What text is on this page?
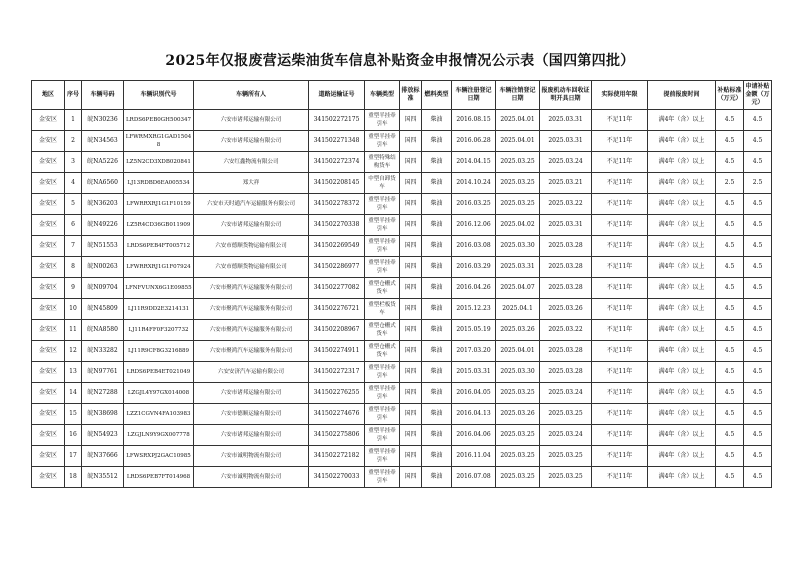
2025年仅报废营运柴油货车信息补贴资金申报情况公示表（国四第四批）
地区	序号	车辆号码	车辆识别代号	车辆所有人	道路运输证号	车辆类型	排放标准	燃料类型	车辆注册登记日期	车辆注销登记日期	报废机动车回收证明开具日期	实际使用年限	提前报废时间	补贴标准（万元）	申请补贴金额（万元）
金安区	1	皖N30236	LRDS6PEB0GH500347	六安市诸邦运输有限公司	341502272175	重型半挂牵引车	国四	柴油	2016.08.15	2025.04.01	2025.03.31	不足11年	满4年（含）以上	4.5	4.5
金安区	2	皖N34563	LFWRMXRG1GAD15048	六安市诸邦运输有限公司	341502271348	重型半挂牵引车	国四	柴油	2016.06.28	2025.04.01	2025.03.31	不足11年	满4年（含）以上	4.5	4.5
金安区	3	皖NA5226	LZ5N2CD3XDB020841	六安红鑫物流有限公司	341502272374	重型特殊结构货车	国四	柴油	2014.04.15	2025.03.25	2025.03.24	不足11年	满4年（含）以上	4.5	4.5
金安区	4	皖NA6560	LJ13RDBD6EA005534	郑大祥	341502208145	中型自卸货车	国四	柴油	2014.10.24	2025.03.25	2025.03.21	不足11年	满4年（含）以上	2.5	2.5
金安区	5	皖N36203	LFWRRXRJ1G1F10159	六安市天时通汽车运输服务有限公司	341502278372	重型半挂牵引车	国四	柴油	2016.03.25	2025.03.25	2025.03.22	不足11年	满4年（含）以上	4.5	4.5
金安区	6	皖N49226	LZ5R4CD36GB011909	六安市诸邦运输有限公司	341502270338	重型半挂牵引车	国四	柴油	2016.12.06	2025.04.02	2025.03.31	不足11年	满4年（含）以上	4.5	4.5
金安区	7	皖N51553	LRDS6PEB4FT005712	六安市德顺货物运输有限公司	341502269549	重型半挂牵引车	国四	柴油	2016.03.08	2025.03.30	2025.03.28	不足11年	满4年（含）以上	4.5	4.5
金安区	8	皖N00263	LFWRRXRJ1G1F07924	六安市德顺货物运输有限公司	341502286977	重型半挂牵引车	国四	柴油	2016.03.29	2025.03.31	2025.03.28	不足11年	满4年（含）以上	4.5	4.5
金安区	9	皖N09704	LFNFVUNX6G1E09855	六安市聚鸿汽车运输服务有限公司	341502277082	重型仓栅式货车	国四	柴油	2016.04.26	2025.04.07	2025.03.28	不足11年	满4年（含）以上	4.5	4.5
金安区	10	皖N45809	LJ11R9DD2E3214131	六安市聚鸿汽车运输服务有限公司	341502276721	重型栏板货车	国四	柴油	2015.12.23	2025.04.1	2025.03.26	不足11年	满4年（含）以上	4.5	4.5
金安区	11	皖NA8580	LJ11R4FF0F3207732	六安市聚鸿汽车运输服务有限公司	341502208967	重型仓栅式货车	国四	柴油	2015.05.19	2025.03.26	2025.03.22	不足11年	满4年（含）以上	4.5	4.5
金安区	12	皖N33282	LJ11R9CF8G3216889	六安市聚鸿汽车运输服务有限公司	341502274911	重型仓栅式货车	国四	柴油	2017.03.20	2025.04.01	2025.03.28	不足11年	满4年（含）以上	4.5	4.5
金安区	13	皖N97761	LRDS6PEB4ET021049	六安安济汽车运输有限公司	341502272317	重型半挂牵引车	国四	柴油	2015.03.31	2025.03.30	2025.03.28	不足11年	满4年（含）以上	4.5	4.5
金安区	14	皖N27288	LZGJL4Y97GX014008	六安市诸邦运输有限公司	341502276255	重型半挂牵引车	国四	柴油	2016.04.05	2025.03.25	2025.03.24	不足11年	满4年（含）以上	4.5	4.5
金安区	15	皖N38698	LZZ1CGVN4FA103983	六安市德顺运输有限公司	341502274676	重型半挂牵引车	国四	柴油	2016.04.13	2025.03.26	2025.03.25	不足11年	满4年（含）以上	4.5	4.5
金安区	16	皖N54923	LZGJLN9Y9GX007778	六安市诸邦运输有限公司	341502275806	重型半挂牵引车	国四	柴油	2016.04.06	2025.03.25	2025.03.24	不足11年	满4年（含）以上	4.5	4.5
金安区	17	皖N37666	LFWSRXPJ2GAC10985	六安市诚明物流有限公司	341502272182	重型半挂牵引车	国四	柴油	2016.11.04	2025.03.25	2025.03.25	不足11年	满4年（含）以上	4.5	4.5
金安区	18	皖N35512	LRDS6PEB7FT014968	六安市诚明物流有限公司	341502270033	重型半挂牵引车	国四	柴油	2016.07.08	2025.03.25	2025.03.25	不足11年	满4年（含）以上	4.5	4.5
